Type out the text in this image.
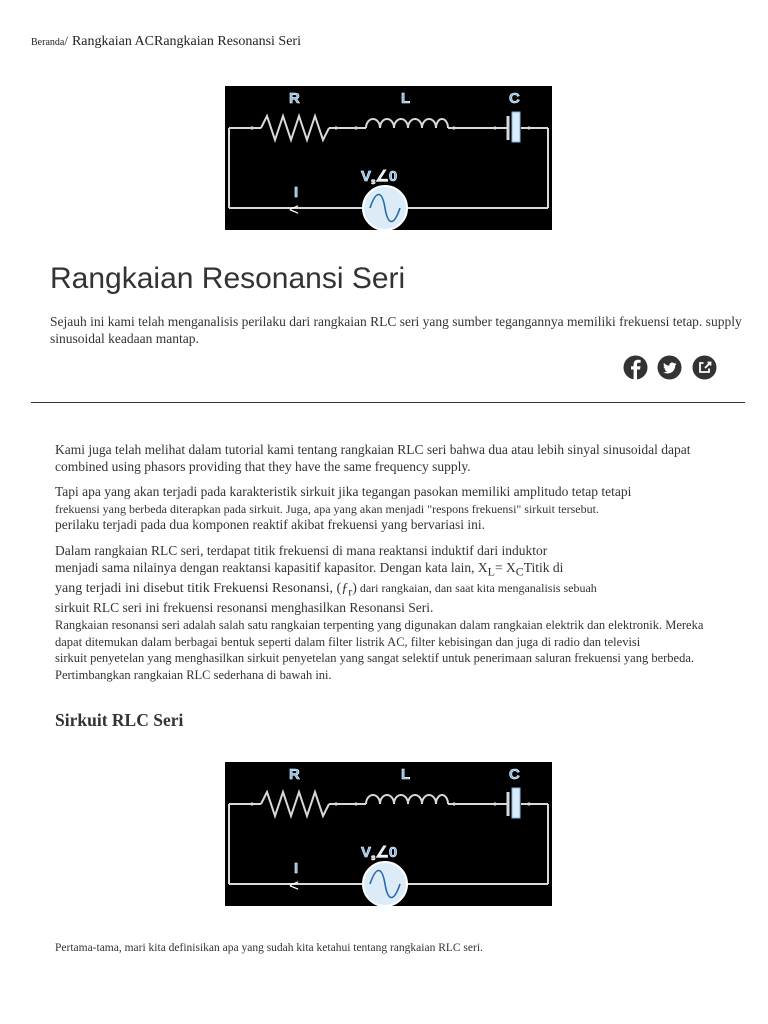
Beranda/ Rangkaian ACRangkaian Resonansi Seri
R	L	C
I
$V_s\angle 0$
<
Rangkaian Resonansi Seri

Sejauh ini kami telah menganalisis perilaku dari rangkaian RLC seri yang sumber tegangannya memiliki frekuensi tetap. supply sinusoidal keadaan mantap.

Kami juga telah melihat dalam tutorial kami tentang rangkaian RLC seri bahwa dua atau lebih sinyal sinusoidal dapat
combined using phasors providing that they have the same frequency supply.

Tapi apa yang akan terjadi pada karakteristik sirkuit jika tegangan pasokan memiliki amplitudo tetap tetapi
frekuensi yang berbeda diterapkan pada sirkuit. Juga, apa yang akan menjadi "respons frekuensi" sirkuit tersebut.
perilaku terjadi pada dua komponen reaktif akibat frekuensi yang bervariasi ini.

Dalam rangkaian RLC seri, terdapat titik frekuensi di mana reaktansi induktif dari induktor
menjadi sama nilainya dengan reaktansi kapasitif kapasitor. Dengan kata lain, $X_L=$ $X_CTitik$ di
yang terjadi ini disebut titik Frekuensi Resonansi, $(ƒ_r)$ dari rangkaian, dan saat kita menganalisis sebuah
sirkuit RLC seri ini frekuensi resonansi menghasilkan Resonansi Seri.

Rangkaian resonansi seri adalah salah satu rangkaian terpenting yang digunakan dalam rangkaian elektrik dan elektronik. Mereka
dapat ditemukan dalam berbagai bentuk seperti dalam filter listrik AC, filter kebisingan dan juga di radio dan televisi
sirkuit penyetelan yang menghasilkan sirkuit penyetelan yang sangat selektif untuk penerimaan saluran frekuensi yang berbeda.
Pertimbangkan rangkaian RLC sederhana di bawah ini.

Sirkuit RLC Seri
R	L	C
I
$V_s\angle 0$
<

Pertama-tama, mari kita definisikan apa yang sudah kita ketahui tentang rangkaian RLC seri.
